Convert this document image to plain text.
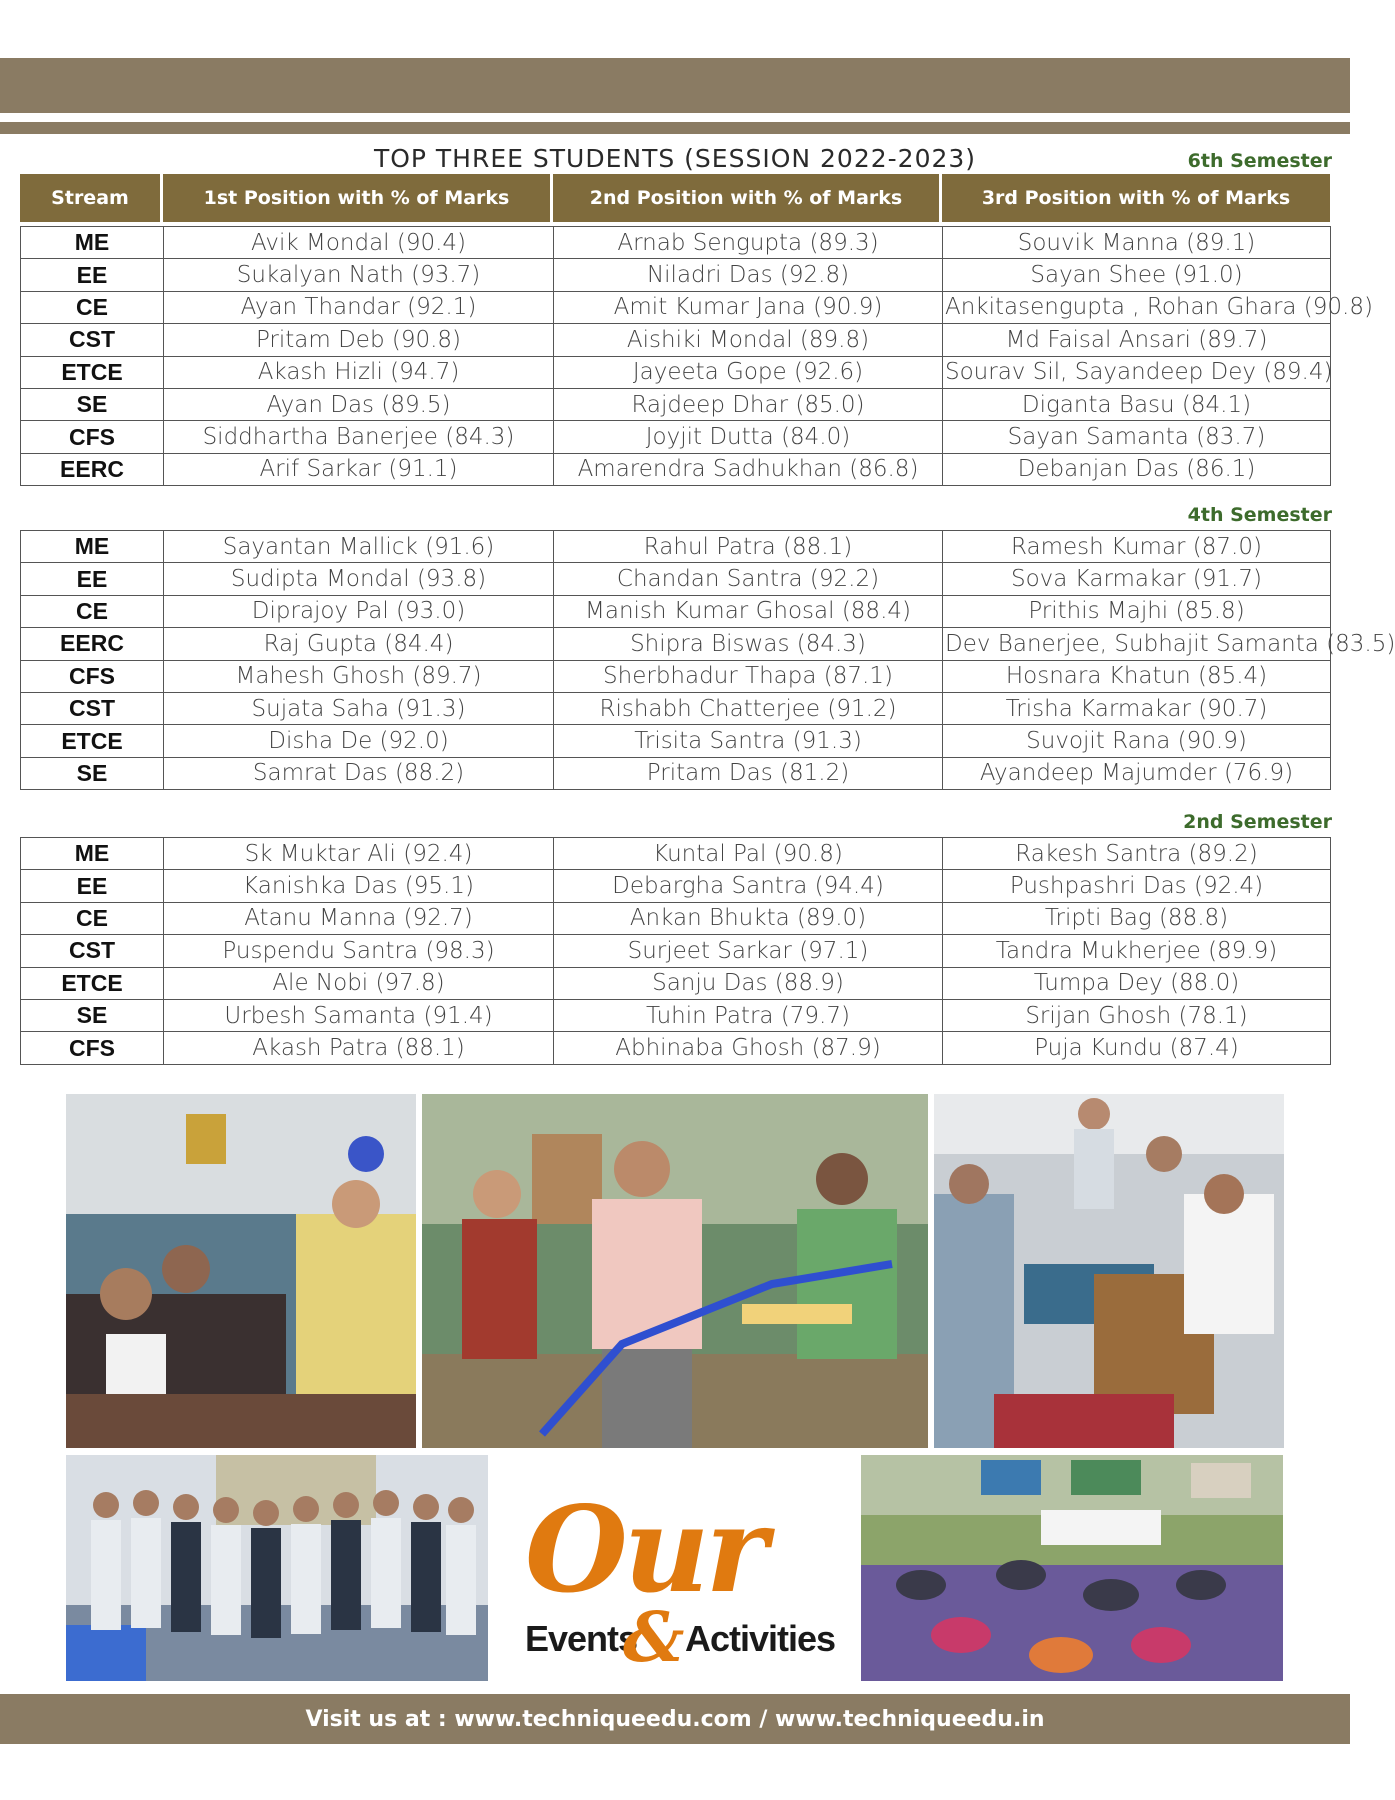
TOP THREE STUDENTS (SESSION 2022-2023)	6th Semester
Stream	1st Position with % of Marks	2nd Position with % of Marks	3rd Position with % of Marks
ME	Avik Mondal (90.4)	Arnab Sengupta (89.3)	Souvik Manna (89.1)
EE	Sukalyan Nath (93.7)	Niladri Das (92.8)	Sayan Shee (91.0)
CE	Ayan Thandar (92.1)	Amit Kumar Jana (90.9)	Ankitasengupta , Rohan Ghara (90.8)
CST	Pritam Deb (90.8)	Aishiki Mondal (89.8)	Md Faisal Ansari (89.7)
ETCE	Akash Hizli (94.7)	Jayeeta Gope (92.6)	Sourav Sil, Sayandeep Dey (89.4)
SE	Ayan Das (89.5)	Rajdeep Dhar (85.0)	Diganta Basu (84.1)
CFS	Siddhartha Banerjee (84.3)	Joyjit Dutta (84.0)	Sayan Samanta (83.7)
EERC	Arif Sarkar (91.1)	Amarendra Sadhukhan (86.8)	Debanjan Das (86.1)
4th Semester
ME	Sayantan Mallick (91.6)	Rahul Patra (88.1)	Ramesh Kumar (87.0)
EE	Sudipta Mondal (93.8)	Chandan Santra (92.2)	Sova Karmakar (91.7)
CE	Diprajoy Pal (93.0)	Manish Kumar Ghosal (88.4)	Prithis Majhi (85.8)
EERC	Raj Gupta (84.4)	Shipra Biswas (84.3)	Dev Banerjee, Subhajit Samanta (83.5)
CFS	Mahesh Ghosh (89.7)	Sherbhadur Thapa (87.1)	Hosnara Khatun (85.4)
CST	Sujata Saha (91.3)	Rishabh Chatterjee (91.2)	Trisha Karmakar (90.7)
ETCE	Disha De (92.0)	Trisita Santra (91.3)	Suvojit Rana (90.9)
SE	Samrat Das (88.2)	Pritam Das (81.2)	Ayandeep Majumder (76.9)
2nd Semester
ME	Sk Muktar Ali (92.4)	Kuntal Pal (90.8)	Rakesh Santra (89.2)
EE	Kanishka Das (95.1)	Debargha Santra (94.4)	Pushpashri Das (92.4)
CE	Atanu Manna (92.7)	Ankan Bhukta (89.0)	Tripti Bag (88.8)
CST	Puspendu Santra (98.3)	Surjeet Sarkar (97.1)	Tandra Mukherjee (89.9)
ETCE	Ale Nobi (97.8)	Sanju Das (88.9)	Tumpa Dey (88.0)
SE	Urbesh Samanta (91.4)	Tuhin Patra (79.7)	Srijan Ghosh (78.1)
CFS	Akash Patra (88.1)	Abhinaba Ghosh (87.9)	Puja Kundu (87.4)
Our
Events
& Activities
Visit us at : www.techniqueedu.com / www.techniqueedu.in
